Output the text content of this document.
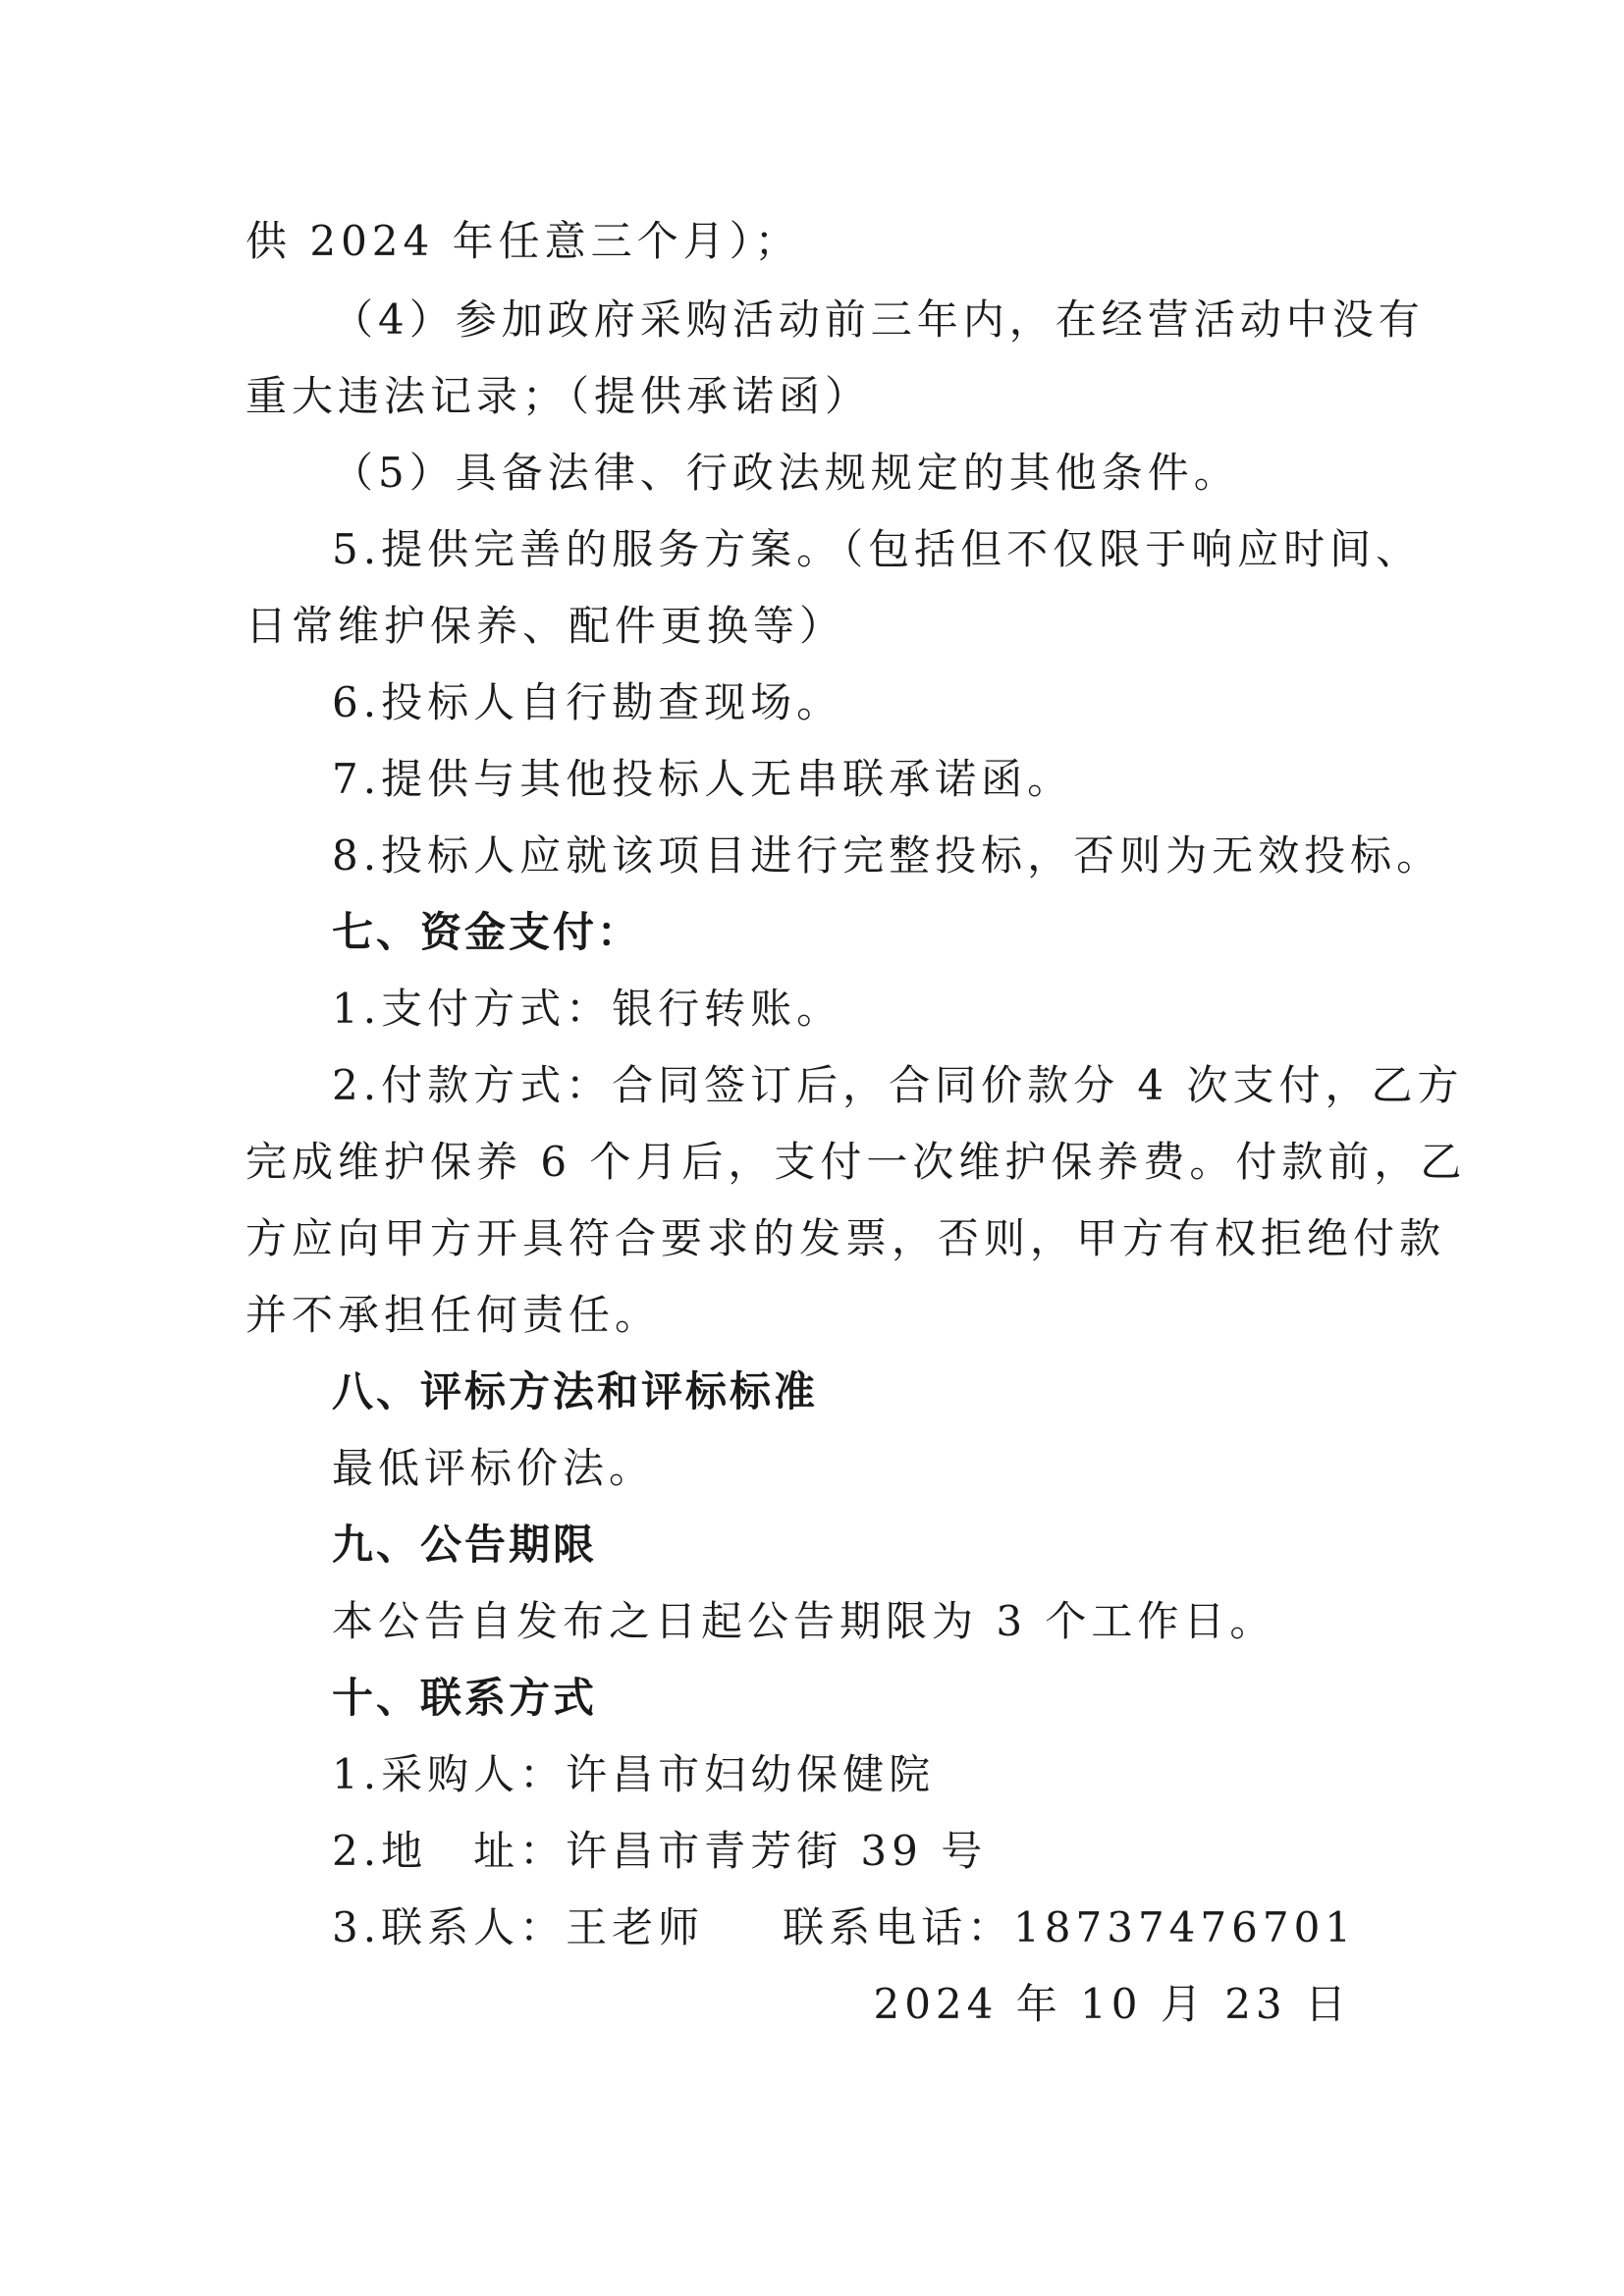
供 2024 年任意三个月）；
（4）参加政府采购活动前三年内，在经营活动中没有
重大违法记录；（提供承诺函）
（5）具备法律、行政法规规定的其他条件。
5.提供完善的服务方案。（包括但不仅限于响应时间、
日常维护保养、配件更换等）
6.投标人自行勘查现场。
7.提供与其他投标人无串联承诺函。
8.投标人应就该项目进行完整投标，否则为无效投标。
七、资金支付：
1.支付方式：银行转账。
2.付款方式：合同签订后，合同价款分 4 次支付，乙方
完成维护保养 6 个月后，支付一次维护保养费。付款前，乙
方应向甲方开具符合要求的发票，否则，甲方有权拒绝付款
并不承担任何责任。
八、评标方法和评标标准
最低评标价法。
九、公告期限
本公告自发布之日起公告期限为 3 个工作日。
十、联系方式
1.采购人：许昌市妇幼保健院
2.地　址：许昌市青芳街 39 号
3.联系人：王老师 联系电话：18737476701
2024 年 10 月 23 日
